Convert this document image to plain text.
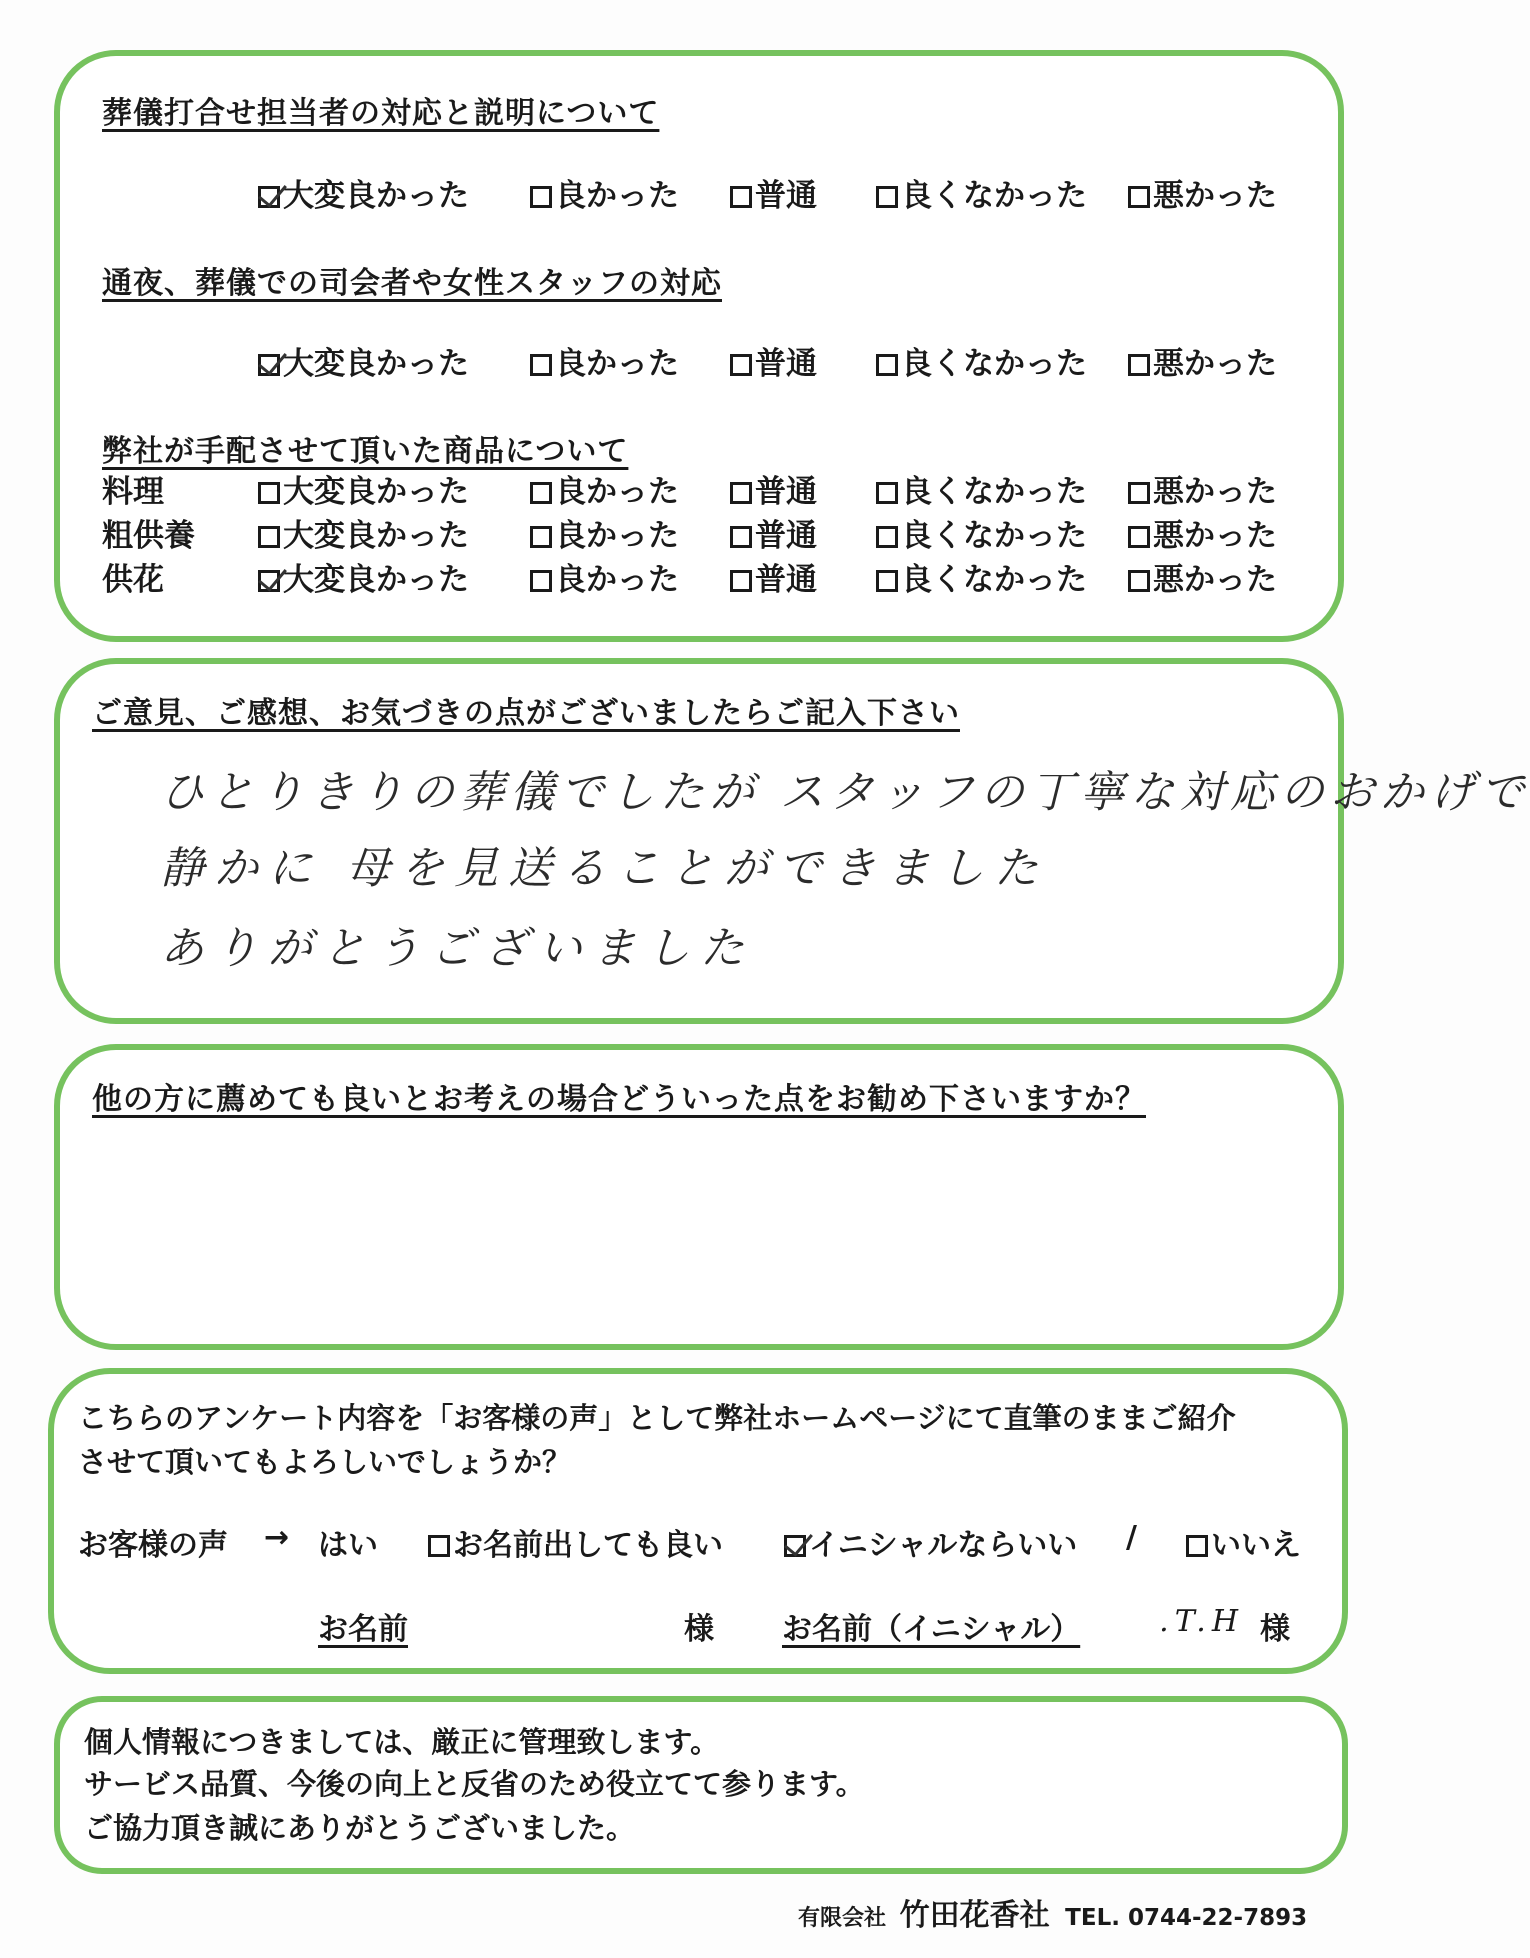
葬儀打合せ担当者の対応と説明について
大変良かった	良かった	普通	良くなかった	悪かった
通夜、葬儀での司会者や女性スタッフの対応
大変良かった	良かった	普通	良くなかった	悪かった
弊社が手配させて頂いた商品について
料理	大変良かった	良かった	普通	良くなかった	悪かった
粗供養	大変良かった	良かった	普通	良くなかった	悪かった
供花	大変良かった	良かった	普通	良くなかった	悪かった
ご意見、ご感想、お気づきの点がございましたらご記入下さい
ひとりきりの葬儀でしたが スタッフの丁寧な対応のおかげで
静かに 母を見送ることができました
ありがとうございました
他の方に薦めても良いとお考えの場合どういった点をお勧め下さいますか？
こちらのアンケート内容を「お客様の声」として弊社ホームページにて直筆のままご紹介
させて頂いてもよろしいでしょうか？
お客様の声 → はい	お名前出しても良い	イニシャルならいい /	いいえ
お名前	様 お名前（イニシャル）	.T.H 様
個人情報につきましては、厳正に管理致します。
サービス品質、今後の向上と反省のため役立てて参ります。
ご協力頂き誠にありがとうございました。
有限会社 竹田花香社 TEL. 0744-22-7893
